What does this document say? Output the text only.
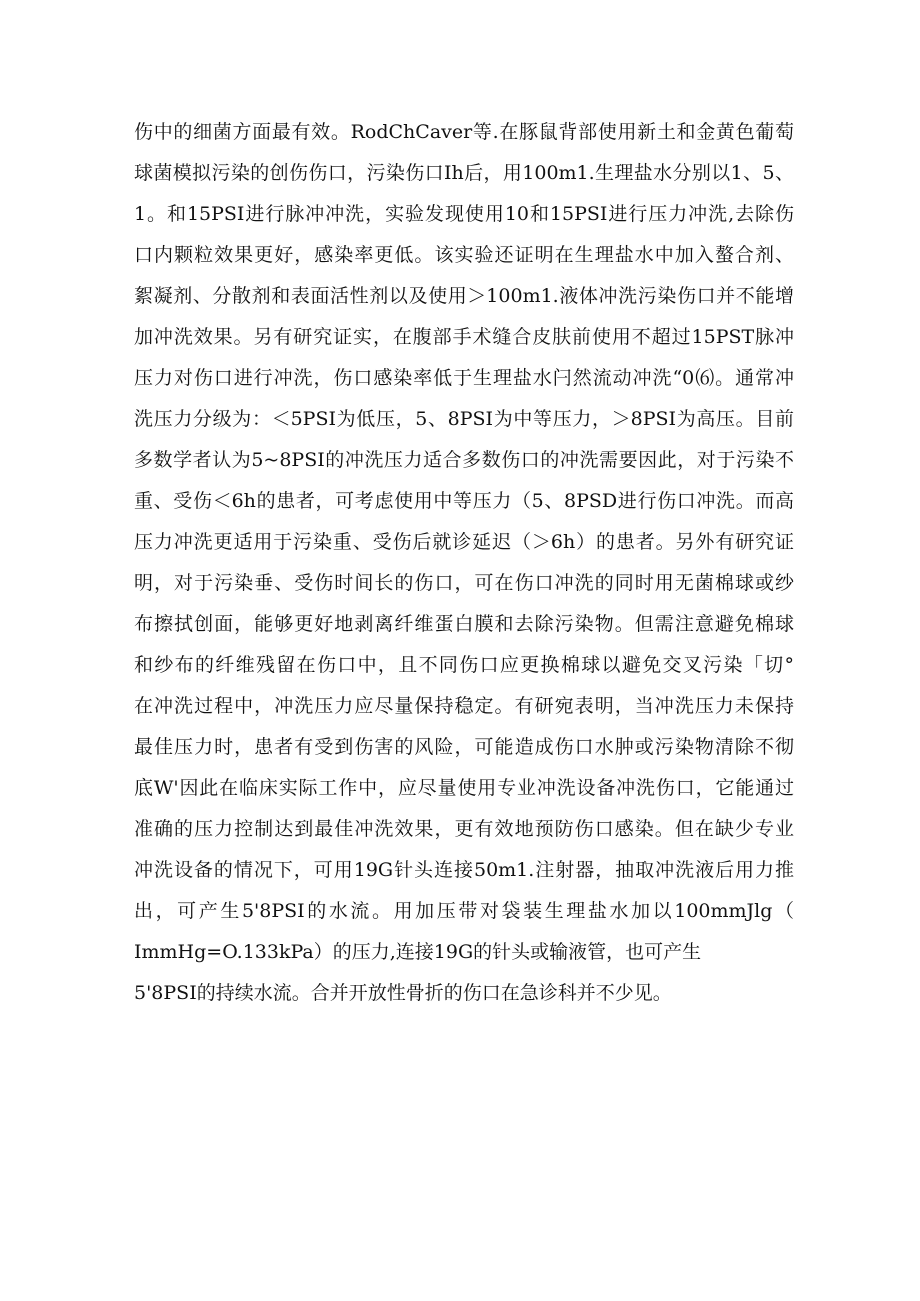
伤中的细菌方面最有效。RodChCaver等.在豚鼠背部使用新土和金黄色葡萄
球菌模拟污染的创伤伤口，污染伤口Ih后，用100m1.生理盐水分别以1、5、
1。和15PSI进行脉冲冲洗，实验发现使用10和15PSI进行压力冲洗,去除伤
口内颗粒效果更好，感染率更低。该实验还证明在生理盐水中加入螯合剂、
絮凝剂、分散剂和表面活性剂以及使用＞100m1.液体冲洗污染伤口并不能增
加冲洗效果。另有研究证实，在腹部手术缝合皮肤前使用不超过15PST脉冲
压力对伤口进行冲洗，伤口感染率低于生理盐水闩然流动冲洗“0⑹。通常冲
洗压力分级为：＜5PSI为低压，5、8PSI为中等压力，＞8PSI为高压。目前
多数学者认为5~8PSI的冲洗压力适合多数伤口的冲洗需要因此，对于污染不
重、受伤＜6h的患者，可考虑使用中等压力（5、8PSD进行伤口冲洗。而高
压力冲洗更适用于污染重、受伤后就诊延迟（＞6h）的患者。另外有研究证
明，对于污染垂、受伤时间长的伤口，可在伤口冲洗的同时用无菌棉球或纱
布擦拭创面，能够更好地剥离纤维蛋白膜和去除污染物。但需注意避免棉球
和纱布的纤维残留在伤口中，且不同伤口应更换棉球以避免交叉污染「切°
在冲洗过程中，冲洗压力应尽量保持稳定。有研宛表明，当冲洗压力未保持
最佳压力时，患者有受到伤害的风险，可能造成伤口水肿或污染物清除不彻
底W'因此在临床实际工作中，应尽量使用专业冲洗设备冲洗伤口，它能通过
准确的压力控制达到最佳冲洗效果，更有效地预防伤口感染。但在缺少专业
冲洗设备的情况下，可用19G针头连接50m1.注射器，抽取冲洗液后用力推
出，可产生5'8PSI的水流。用加压带对袋装生理盐水加以100mmJlg（
ImmHg=O.133kPa）的压力,连接19G的针头或输液管，也可产生
5'8PSI的持续水流。合并开放性骨折的伤口在急诊科并不少见。
